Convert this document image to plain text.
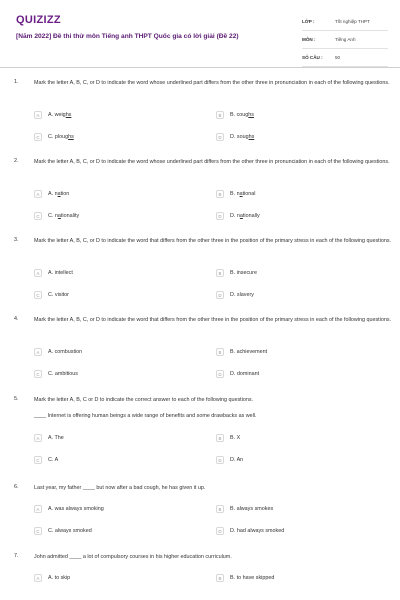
QUIZIZZ
[Năm 2022] Đề thi thử môn Tiếng anh THPT Quốc gia có lời giải (Đề 22)
LỚP :	Tốt nghiệp THPT
MÔN :	Tiếng Anh
SỐ CÂU :	50
1.	Mark the letter A, B, C, or D to indicate the word whose underlined part differs from the other three in pronunciation in each of the following questions.
A	A. weighs	B	B. coughs
C	C. ploughs	D	D. soughs
2.	Mark the letter A, B, C, or D to indicate the word whose underlined part differs from the other three in pronunciation in each of the following questions.
A	A. nation	B	B. national
C	C. nationality	D	D. nationally
3.	Mark the letter A, B, C, or D to indicate the word that differs from the other three in the position of the primary stress in each of the following questions.
A	A. intellect	B	B. insecure
C	C. visitor	D	D. slavery
4.	Mark the letter A, B, C, or D to indicate the word that differs from the other three in the position of the primary stress in each of the following questions.
A	A. combustion	B	B. achievement
C	C. ambitious	D	D. dominant
5.	Mark the letter A, B, C or D to indicate the correct answer to each of the following questions.
____ Internet is offering human beings a wide range of benefits and some drawbacks as well.
A	A. The	B	B. X
C	C. A	D	D. An
6.	Last year, my father ____ but now after a bad cough, he has given it up.
A	A. was always smoking	B	B. always smokes
C	C. always smoked	D	D. had always smoked
7.	John admitted ____ a lot of compulsory courses in his higher education curriculum.
A	A. to skip	B	B. to have skipped
